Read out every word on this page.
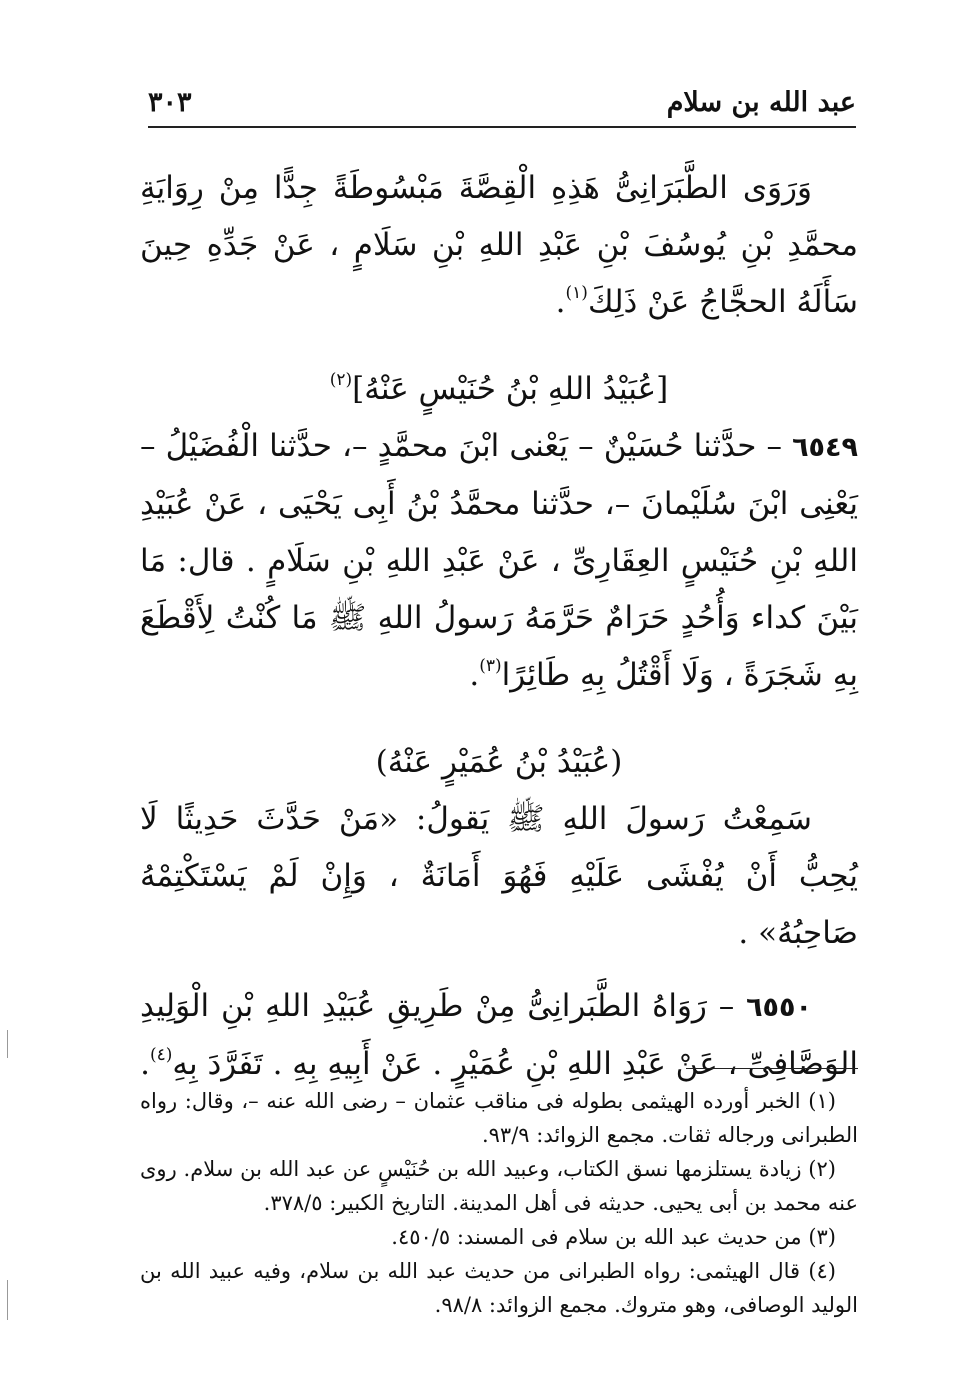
عبد الله بن سلام
٣٠٣

وَرَوَى الطَّبَرَانِىُّ هَذِهِ الْقِصَّةَ مَبْسُوطَةً جِدًّا مِنْ رِوَايَةِ محمَّدِ بْنِ يُوسُفَ بْنِ عَبْدِ اللهِ بْنِ سَلَامٍ ، عَنْ جَدِّهِ حِينَ سَأَلَهُ الحجَّاجُ عَنْ ذَلِكَ$^{(١)}$.

[عُبَيْدُ اللهِ بْنُ حُنَيْسٍ عَنْهُ]$^{(٢)}$

٦٥٤٩ – حدَّثنا حُسَيْنٌ – يَعْنى ابْنَ محمَّدٍ –، حدَّثنا الْفُضَيْلُ – يَعْنِى ابْنَ سُلَيْمانَ –، حدَّثنا محمَّدُ بْنُ أَبِى يَحْيَى ، عَنْ عُبَيْدِ اللهِ بْنِ حُنَيْسٍ العِقَارِىِّ ، عَنْ عَبْدِ اللهِ بْنِ سَلَامٍ . قال: مَا بَيْنَ كداء وَأُحُدٍ حَرَامٌ حَرَّمَهُ رَسولُ اللهِ ﷺ مَا كُنْتُ لِأَقْطَعَ بِهِ شَجَرَةً ، وَلَا أَقْتُلُ بِهِ طَائِرًا$^{(٣)}$.

(عُبَيْدُ بْنُ عُمَيْرٍ عَنْهُ)

سَمِعْتُ رَسولَ اللهِ ﷺ يَقولُ: «مَنْ حَدَّثَ حَدِيثًا لَا يُحِبُّ أَنْ يُفْشَى عَلَيْهِ فَهُوَ أَمَانَةٌ ، وَإِنْ لَمْ يَسْتَكْتِمْهُ صَاحِبُهُ» .

٦٥٥٠ – رَوَاهُ الطَّبَرانِىُّ مِنْ طَرِيقِ عُبَيْدِ اللهِ بْنِ الْوَلِيدِ الوَصَّافِىِّ ، عَنْ عَبْدِ اللهِ بْنِ عُمَيْرٍ . عَنْ أَبِيهِ بِهِ . تَفَرَّدَ بِهِ$^{(٤)}$.

(١) الخبر أورده الهيثمى بطوله فى مناقب عثمان – رضى الله عنه –، وقال: رواه الطبرانى ورجاله ثقات. مجمع الزوائد: ٩٣/٩.

(٢) زيادة يستلزمها نسق الكتاب، وعبيد الله بن حُنَيْسٍ عن عبد الله بن سلام. روى عنه محمد بن أبى يحيى. حديثه فى أهل المدينة. التاريخ الكبير: ٣٧٨/٥.

(٣) من حديث عبد الله بن سلام فى المسند: ٤٥٠/٥.

(٤) قال الهيثمى: رواه الطبرانى من حديث عبد الله بن سلام، وفيه عبيد الله بن الوليد الوصافى، وهو متروك. مجمع الزوائد: ٩٨/٨.
